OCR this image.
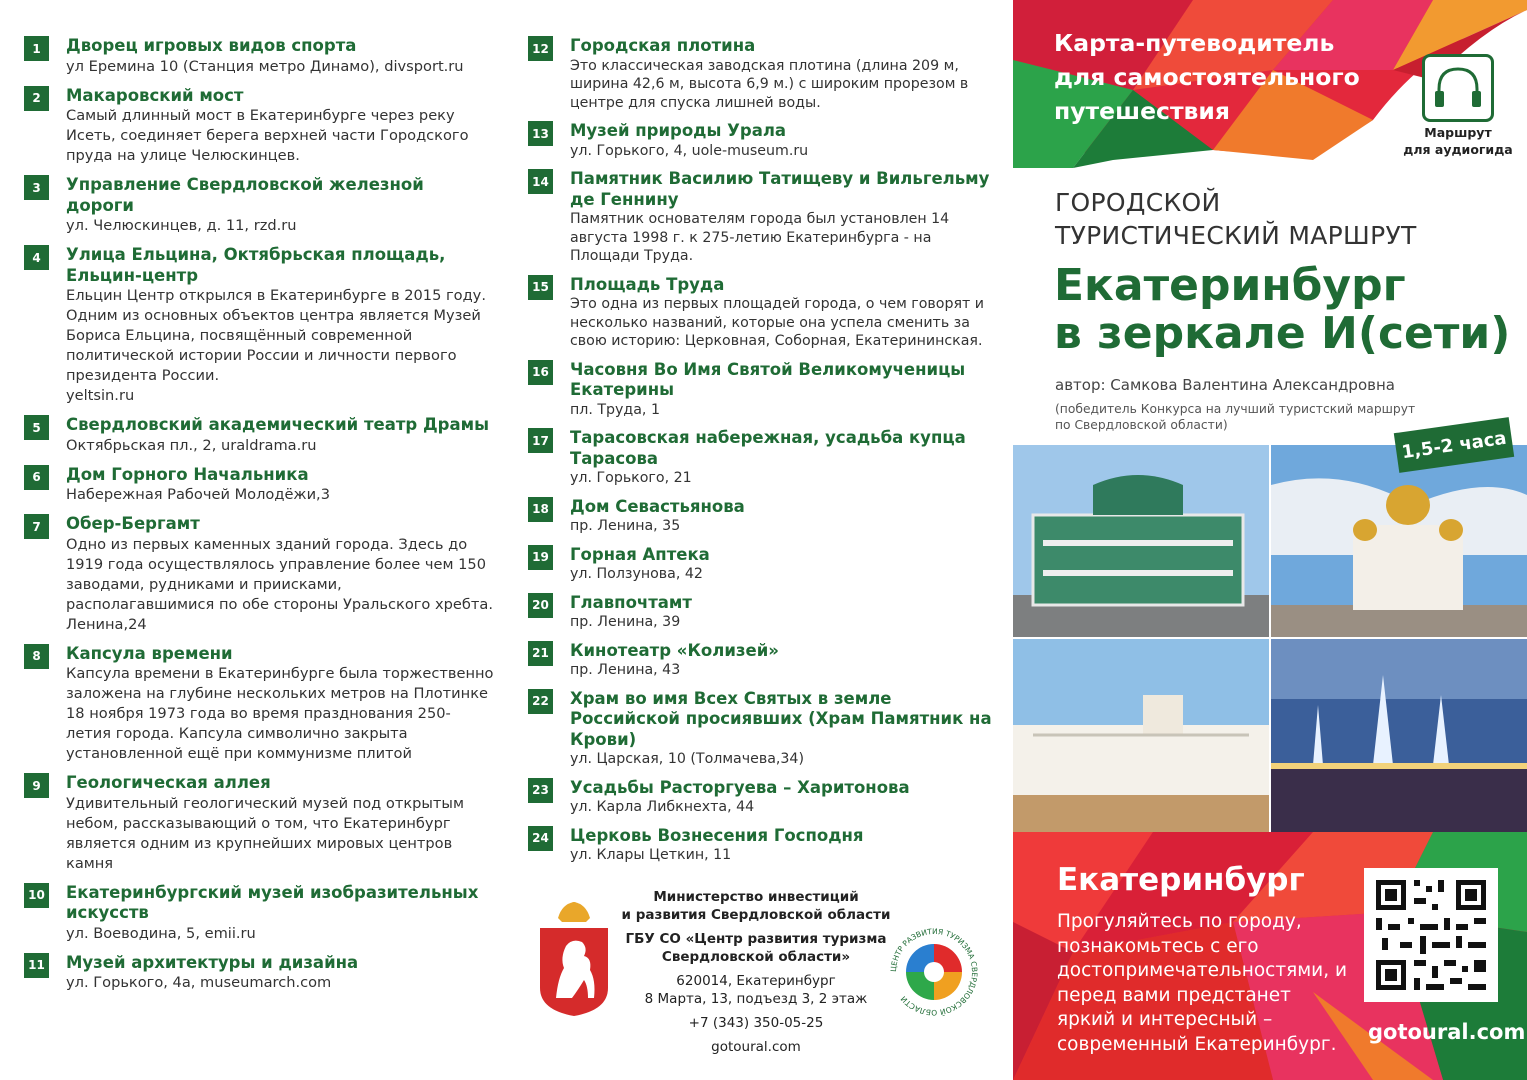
1	Дворец игровых видов спорта
ул Еремина 10 (Станция метро Динамо), divsport.ru
2	Макаровский мост
Самый длинный мост в Екатеринбурге через реку Исеть, соединяет берега верхней части Городского пруда на улице Челюскинцев.
3	Управление Свердловской железной дороги
ул. Челюскинцев, д. 11, rzd.ru
4	Улица Ельцина, Октябрьская площадь, Ельцин-центр
Ельцин Центр открылся в Екатеринбурге в 2015 году. Одним из основных объектов центра является Музей Бориса Ельцина, посвящённый современной политической истории России и личности первого президента России.
yeltsin.ru
5	Свердловский академический театр Драмы
Октябрьская пл., 2, uraldrama.ru
6	Дом Горного Начальника
Набережная Рабочей Молодёжи,3
7	Обер-Бергамт
Одно из первых каменных зданий города. Здесь до 1919 года осуществлялось управление более чем 150 заводами, рудниками и приисками, располагавшимися по обе стороны Уральского хребта.
Ленина,24
8	Капсула времени
Капсула времени в Екатеринбурге была торжественно заложена на глубине нескольких метров на Плотинке 18 ноября 1973 года во время празднования 250-летия города. Капсула символично закрыта установленной ещё при коммунизме плитой
9	Геологическая аллея
Удивительный геологический музей под открытым небом, рассказывающий о том, что Екатеринбург является одним из крупнейших мировых центров камня
10 Екатеринбургский музей изобразительных искусств
ул. Воеводина, 5, emii.ru
11 Музей архитектуры и дизайна
ул. Горького, 4а, museumarch.com
12 Городская плотина
Это классическая заводская плотина (длина 209 м, ширина 42,6 м, высота 6,9 м.) с широким прорезом в центре для спуска лишней воды.
13 Музей природы Урала
ул. Горького, 4, uole-museum.ru
14 Памятник Василию Татищеву и Вильгельму де Геннину
Памятник основателям города был установлен 14 августа 1998 г. к 275-летию Екатеринбурга - на Площади Труда.
15 Площадь Труда
Это одна из первых площадей города, о чем говорят и несколько названий, которые она успела сменить за свою историю: Церковная, Соборная, Екатерининская.
16 Часовня Во Имя Святой Великомученицы Екатерины
пл. Труда, 1
17 Тарасовская набережная, усадьба купца Тарасова
ул. Горького, 21
18 Дом Севастьянова
пр. Ленина, 35
19 Горная Аптека
ул. Ползунова, 42
20 Главпочтамт
пр. Ленина, 39
21 Кинотеатр «Колизей»
пр. Ленина, 43
22 Храм во имя Всех Святых в земле Российской просиявших (Храм Памятник на Крови)
ул. Царская, 10 (Толмачева,34)
23 Усадьбы Расторгуева – Харитонова
ул. Карла Либкнехта, 44
24 Церковь Вознесения Господня
ул. Клары Цеткин, 11
Министерство инвестиций
и развития Свердловской области
ГБУ СО «Центр развития туризма
Свердловской области»
620014, Екатеринбург
8 Марта, 13, подъезд 3, 2 этаж
+7 (343) 350-05-25
gotoural.com
ЦЕНТР РАЗВИТИЯ ТУРИЗМА СВЕРДЛОВСКОЙ ОБЛАСТИ
Карта-путеводитель для самостоятельного путешествия
Маршрут
для аудиогида
ГОРОДСКОЙ
ТУРИСТИЧЕСКИЙ МАРШРУТ
Екатеринбург
в зеркале И(сети)
автор: Самкова Валентина Александровна
(победитель Конкурса на лучший туристский маршрут
по Свердловской области)
1,5-2 часа
Екатеринбург
Прогуляйтесь по городу, познакомьтесь с его достопримечательностями, и перед вами предстанет яркий и интересный – современный Екатеринбург.	gotoural.com
